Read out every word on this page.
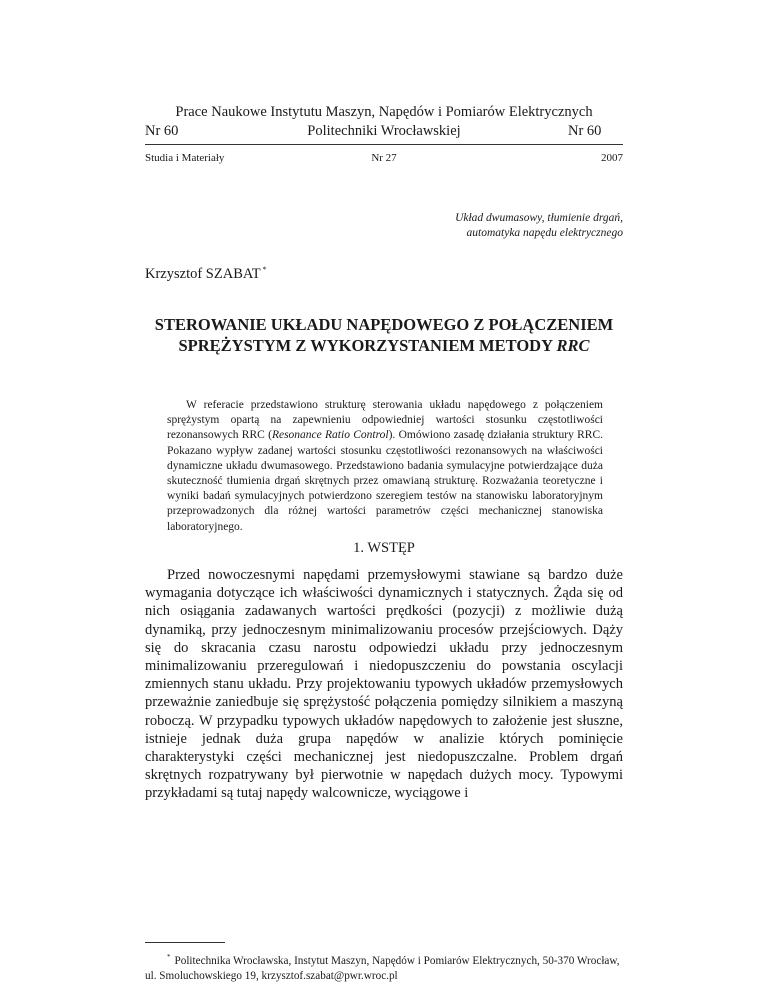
Prace Naukowe Instytutu Maszyn, Napędów i Pomiarów Elektrycznych
Politechniki Wrocławskiej
Nr 60	Nr 60
Studia i Materiały	Nr 27	2007
Układ dwumasowy, tłumienie drgań,
automatyka napędu elektrycznego
Krzysztof SZABAT *
STEROWANIE UKŁADU NAPĘDOWEGO Z POŁĄCZENIEM
SPRĘŻYSTYM Z WYKORZYSTANIEM METODY RRC
W referacie przedstawiono strukturę sterowania układu napędowego z połączeniem sprężystym opartą na zapewnieniu odpowiedniej wartości stosunku częstotliwości rezonansowych RRC (Resonance Ratio Control). Omówiono zasadę działania struktury RRC. Pokazano wypływ zadanej wartości stosunku częstotliwości rezonansowych na właściwości dynamiczne układu dwumasowego. Przedstawiono badania symulacyjne potwierdzające duża skuteczność tłumienia drgań skrętnych przez omawianą strukturę. Rozważania teoretyczne i wyniki badań symulacyjnych potwierdzono szeregiem testów na stanowisku laboratoryjnym przeprowadzonych dla różnej wartości parametrów części mechanicznej stanowiska laboratoryjnego.
1. WSTĘP
Przed nowoczesnymi napędami przemysłowymi stawiane są bardzo duże wymagania dotyczące ich właściwości dynamicznych i statycznych. Żąda się od nich osiągania zadawanych wartości prędkości (pozycji) z możliwie dużą dynamiką, przy jednoczesnym minimalizowaniu procesów przejściowych. Dąży się do skracania czasu narostu odpowiedzi układu przy jednoczesnym minimalizowaniu przeregulowań i niedopuszczeniu do powstania oscylacji zmiennych stanu układu. Przy projektowaniu typowych układów przemysłowych przeważnie zaniedbuje się sprężystość połączenia pomiędzy silnikiem a maszyną roboczą. W przypadku typowych układów napędowych to założenie jest słuszne, istnieje jednak duża grupa napędów w analizie których pominięcie charakterystyki części mechanicznej jest niedopuszczalne. Problem drgań skrętnych rozpatrywany był pierwotnie w napędach dużych mocy. Typowymi przykładami są tutaj napędy walcownicze, wyciągowe i
* Politechnika Wrocławska, Instytut Maszyn, Napędów i Pomiarów Elektrycznych, 50-370 Wrocław, ul. Smoluchowskiego 19, krzysztof.szabat@pwr.wroc.pl
